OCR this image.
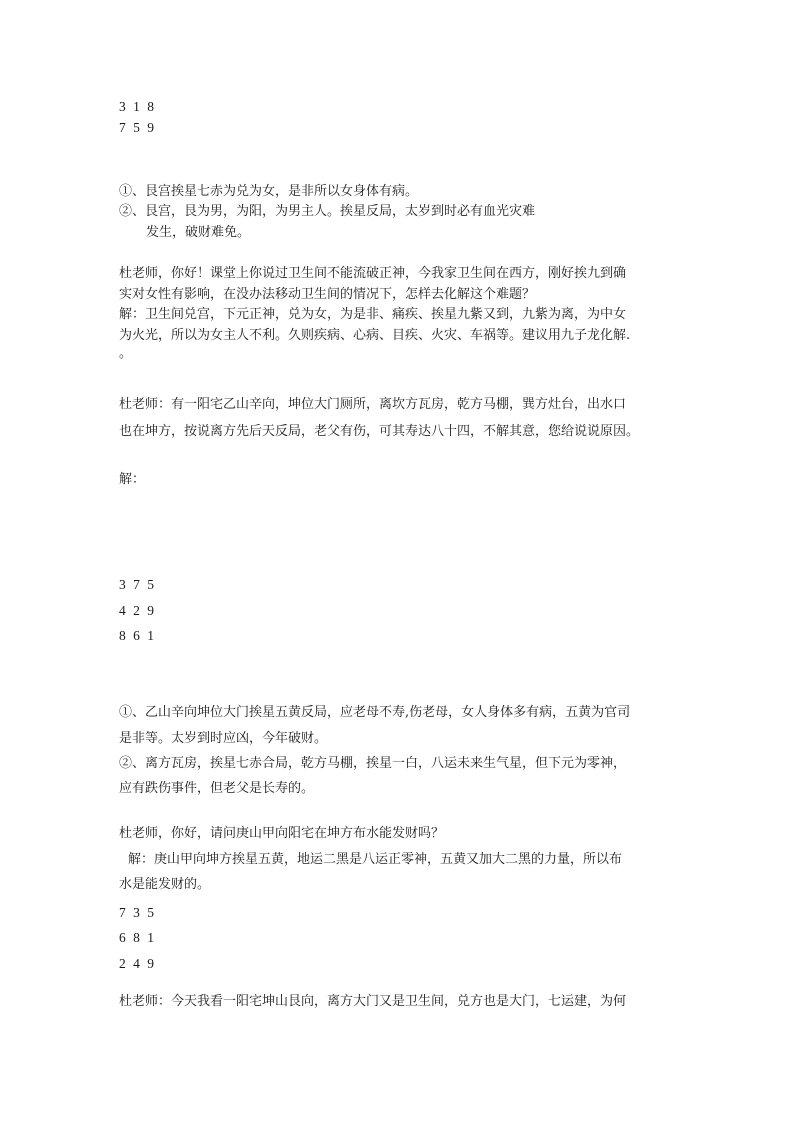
3 1 8
7 5 9
①、艮宫挨星七赤为兑为女，是非所以女身体有病。
②、艮宫，艮为男，为阳，为男主人。挨星反局，太岁到时必有血光灾难
发生，破财难免。
杜老师，你好！课堂上你说过卫生间不能流破正神，今我家卫生间在西方，刚好挨九到确
实对女性有影响，在没办法移动卫生间的情况下，怎样去化解这个难题？
解：卫生间兑宫，下元正神，兑为女，为是非、痛疾、挨星九紫又到，九紫为离，为中女
为火光，所以为女主人不利。久则疾病、心病、目疾、火灾、车祸等。建议用九子龙化解.
。
杜老师：有一阳宅乙山辛向，坤位大门厕所，离坎方瓦房，乾方马棚，巽方灶台，出水口
也在坤方，按说离方先后天反局，老父有伤，可其寿达八十四，不解其意，您给说说原因。
解：
3 7 5
4 2 9
8 6 1
①、乙山辛向坤位大门挨星五黄反局，应老母不寿,伤老母，女人身体多有病，五黄为官司
是非等。太岁到时应凶，今年破财。
②、离方瓦房，挨星七赤合局，乾方马棚，挨星一白，八运未来生气星，但下元为零神，
应有跌伤事件，但老父是长寿的。
杜老师，你好，请问庚山甲向阳宅在坤方布水能发财吗？
解：庚山甲向坤方挨星五黄，地运二黑是八运正零神，五黄又加大二黑的力量，所以布
水是能发财的。
7 3 5
6 8 1
2 4 9
杜老师：今天我看一阳宅坤山艮向，离方大门又是卫生间，兑方也是大门，七运建，为何
